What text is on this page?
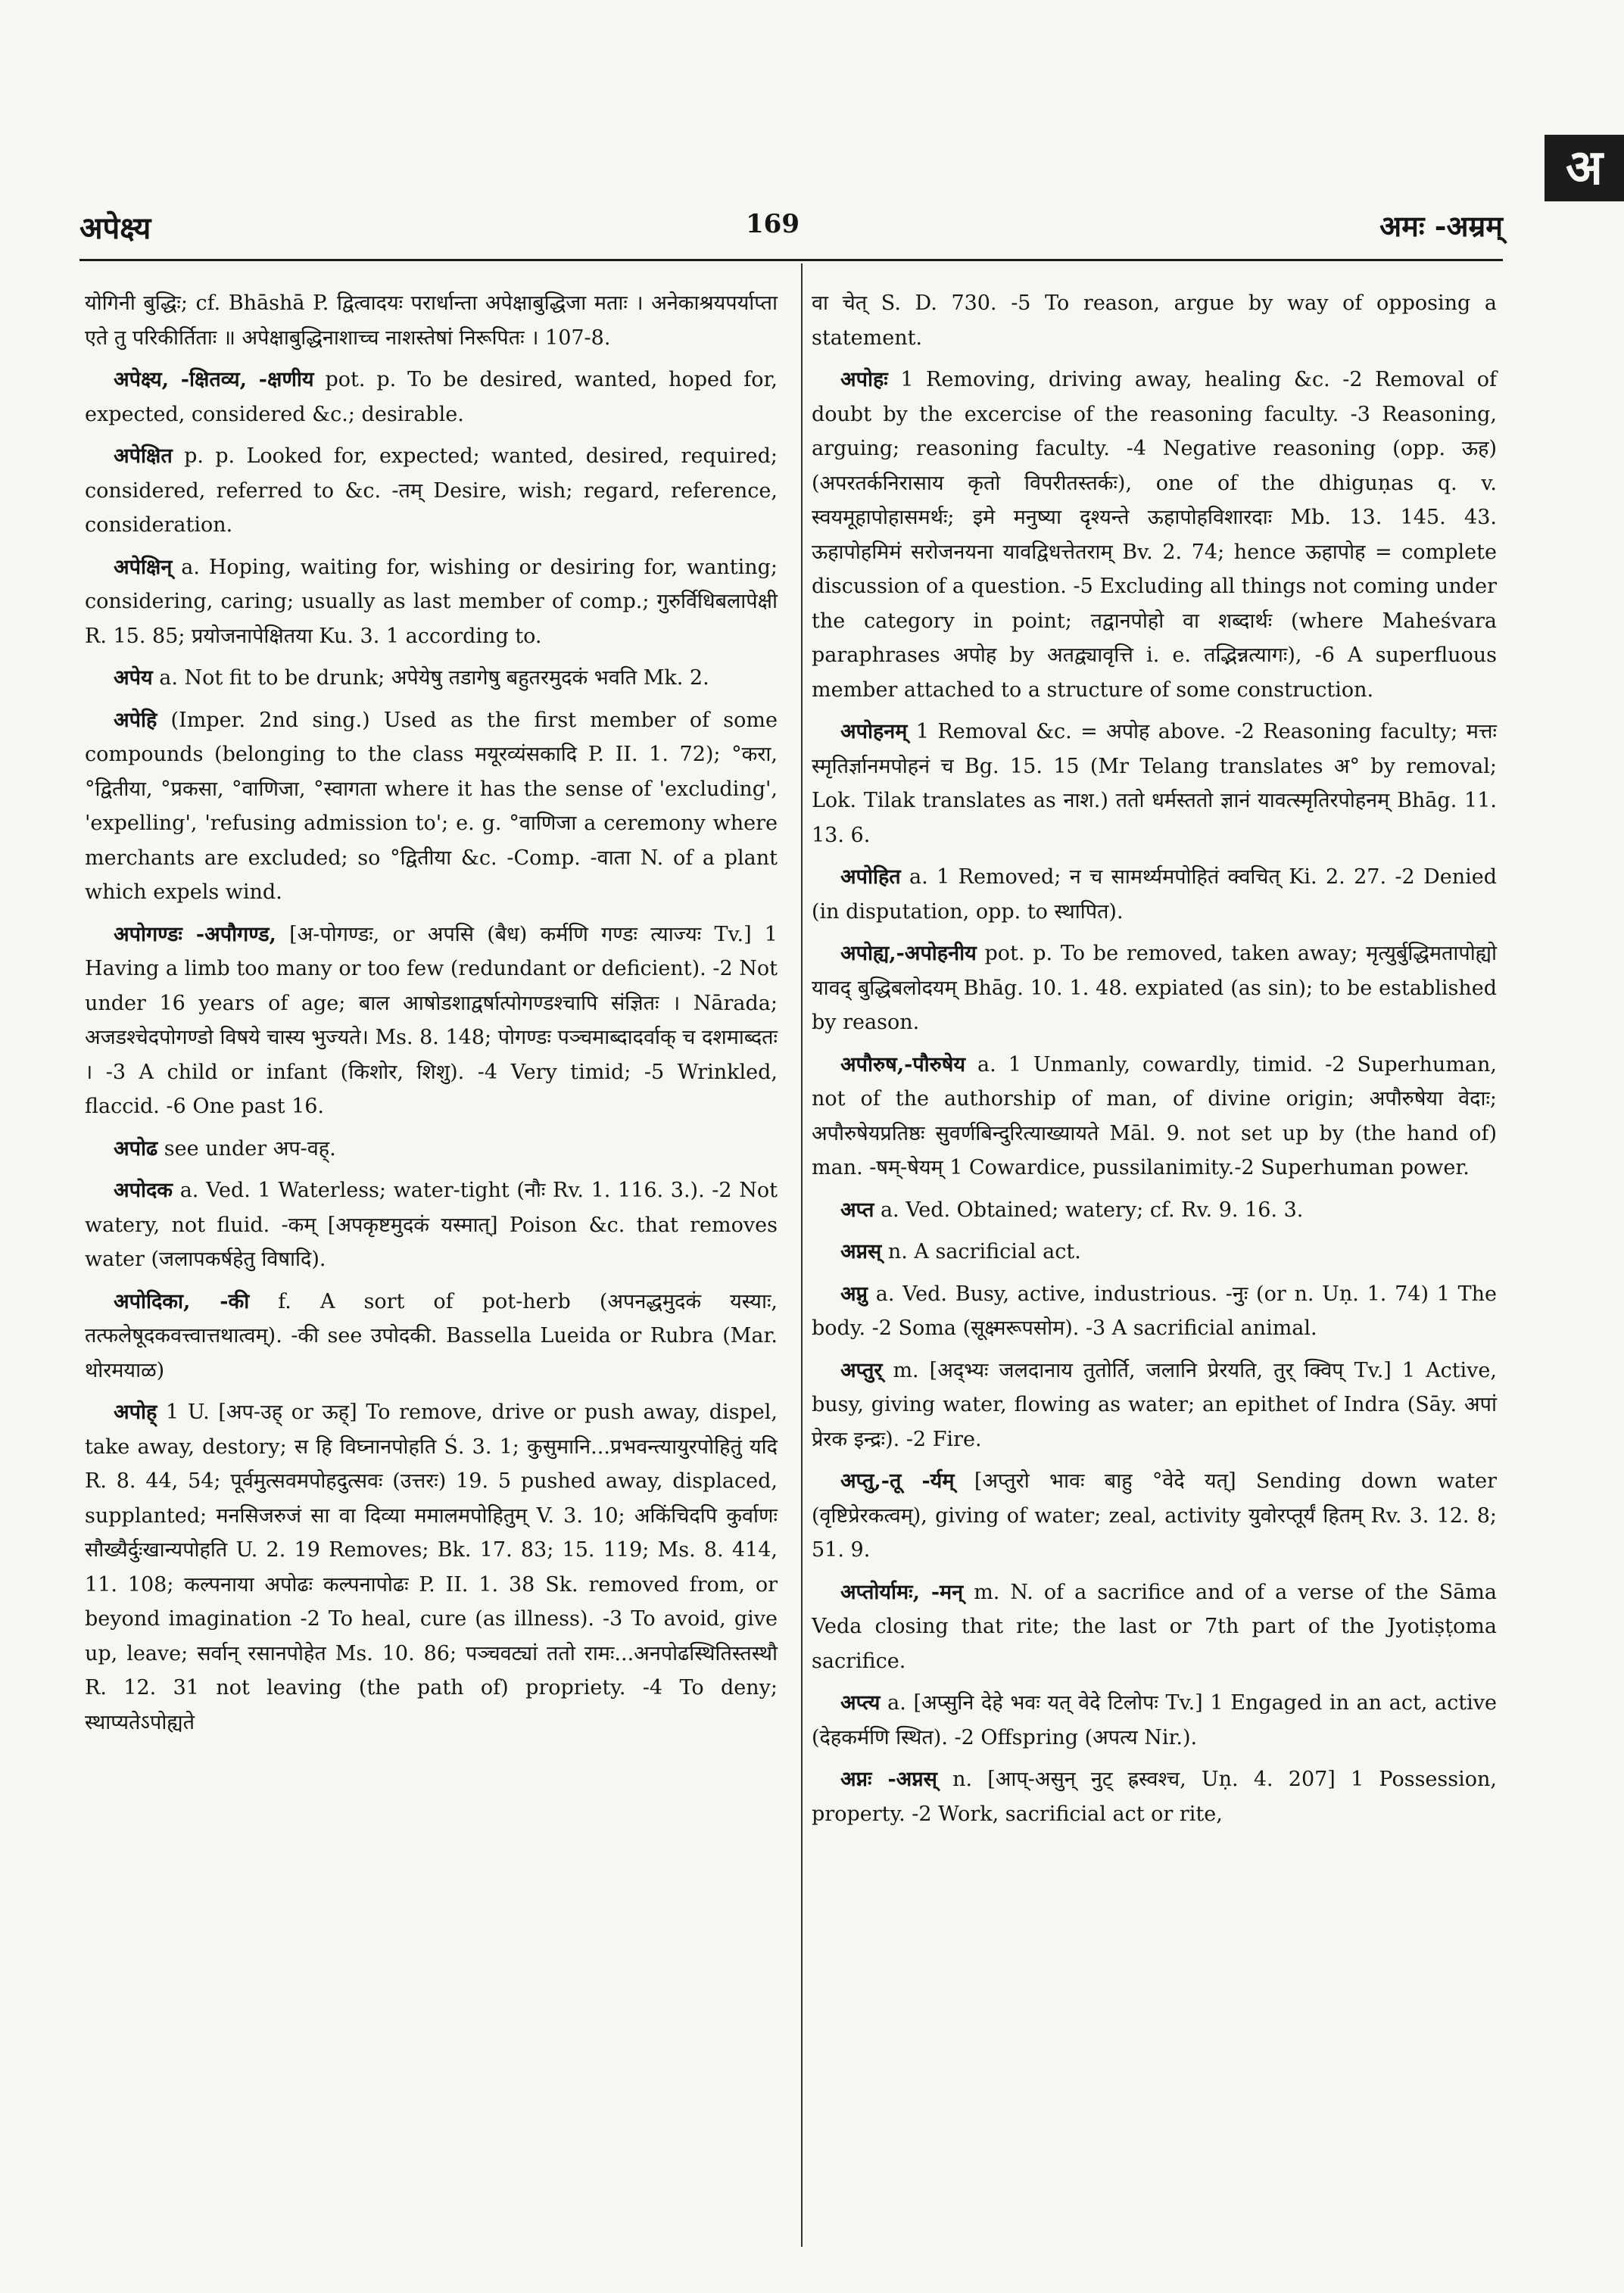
अ
अपेक्ष्य	169	अमः -अम्रम्

योगिनी बुद्धिः; cf. Bhāshā P. द्वित्वादयः परार्धान्ता अपेक्षाबुद्धिजा मताः । अनेकाश्रयपर्याप्ता एते तु परिकीर्तिताः ॥ अपेक्षाबुद्धिनाशाच्च नाशस्तेषां निरूपितः । 107-8.

अपेक्ष्य, -क्षितव्य, -क्षणीय pot. p. To be desired, wanted, hoped for, expected, considered &c.; desirable.

अपेक्षित p. p. Looked for, expected; wanted, desired, required; considered, referred to &c. -तम् Desire, wish; regard, reference, consideration.

अपेक्षिन् a. Hoping, waiting for, wishing or desiring for, wanting; considering, caring; usually as last member of comp.; गुरुर्विधिबलापेक्षी R. 15. 85; प्रयोजनापेक्षितया Ku. 3. 1 according to.

अपेय a. Not fit to be drunk; अपेयेषु तडागेषु बहुतरमुदकं भवति Mk. 2.

अपेहि (Imper. 2nd sing.) Used as the first member of some compounds (belonging to the class मयूरव्यंसकादि P. II. 1. 72); °करा, °द्वितीया, °प्रकसा, °वाणिजा, °स्वागता where it has the sense of 'excluding', 'expelling', 'refusing admission to'; e. g. °वाणिजा a ceremony where merchants are excluded; so °द्वितीया &c. -Comp. -वाता N. of a plant which expels wind.

अपोगण्डः -अपौगण्ड, [अ-पोगण्डः, or अपसि (बैध) कर्मणि गण्डः त्याज्यः Tv.] 1 Having a limb too many or too few (redundant or deficient). -2 Not under 16 years of age; बाल आषोडशाद्वर्षात्पोगण्डश्चापि संज्ञितः । Nārada; अजडश्चेदपोगण्डो विषये चास्य भुज्यते। Ms. 8. 148; पोगण्डः पञ्चमाब्दादर्वाक् च दशमाब्दतः । -3 A child or infant (किशोर, शिशु). -4 Very timid; -5 Wrinkled, flaccid. -6 One past 16.

अपोढ see under अप-वह्.

अपोदक a. Ved. 1 Waterless; water-tight (नौः Rv. 1. 116. 3.). -2 Not watery, not fluid. -कम् [अपकृष्टमुदकं यस्मात्] Poison &c. that removes water (जलापकर्षहेतु विषादि).

अपोदिका, -की f. A sort of pot-herb (अपनद्धमुदकं यस्याः, तत्फलेषूदकवत्त्वात्तथात्वम्). -की see उपोदकी. Bassella Lueida or Rubra (Mar. थोरमयाळ)

अपोह् 1 U. [अप-उह् or ऊह्] To remove, drive or push away, dispel, take away, destory; स हि विघ्नानपोहति Ś. 3. 1; कुसुमानि...प्रभवन्त्यायुरपोहितुं यदि R. 8. 44, 54; पूर्वमुत्सवमपोहदुत्सवः (उत्तरः) 19. 5 pushed away, displaced, supplanted; मनसिजरुजं सा वा दिव्या ममालमपोहितुम् V. 3. 10; अकिंचिदपि कुर्वाणः सौख्यैर्दुःखान्यपोहति U. 2. 19 Removes; Bk. 17. 83; 15. 119; Ms. 8. 414, 11. 108; कल्पनाया अपोढः कल्पनापोढः P. II. 1. 38 Sk. removed from, or beyond imagination -2 To heal, cure (as illness). -3 To avoid, give up, leave; सर्वान् रसानपोहेत Ms. 10. 86; पञ्चवट्यां ततो रामः...अनपोढस्थितिस्तस्थौ R. 12. 31 not leaving (the path of) propriety. -4 To deny; स्थाप्यतेऽपोह्यते

वा चेत् S. D. 730. -5 To reason, argue by way of opposing a statement.

अपोहः 1 Removing, driving away, healing &c. -2 Removal of doubt by the excercise of the reasoning faculty. -3 Reasoning, arguing; reasoning faculty. -4 Negative reasoning (opp. ऊह) (अपरतर्कनिरासाय कृतो विपरीतस्तर्कः), one of the dhiguṇas q. v. स्वयमूहापोहासमर्थः; इमे मनुष्या दृश्यन्ते ऊहापोहविशारदाः Mb. 13. 145. 43. ऊहापोहमिमं सरोजनयना यावद्विधत्तेतराम् Bv. 2. 74; hence ऊहापोह = complete discussion of a question. -5 Excluding all things not coming under the category in point; तद्वानपोहो वा शब्दार्थः (where Maheśvara paraphrases अपोह by अतद्व्यावृत्ति i. e. तद्भिन्नत्यागः), -6 A superfluous member attached to a structure of some construction.

अपोहनम् 1 Removal &c. = अपोह above. -2 Reasoning faculty; मत्तः स्मृतिर्ज्ञानमपोहनं च Bg. 15. 15 (Mr Telang translates अ° by removal; Lok. Tilak translates as नाश.) ततो धर्मस्ततो ज्ञानं यावत्स्मृतिरपोहनम् Bhāg. 11. 13. 6.

अपोहित a. 1 Removed; न च सामर्थ्यमपोहितं क्वचित् Ki. 2. 27. -2 Denied (in disputation, opp. to स्थापित).

अपोह्य,-अपोहनीय pot. p. To be removed, taken away; मृत्युर्बुद्धिमतापोह्यो यावद् बुद्धिबलोदयम् Bhāg. 10. 1. 48. expiated (as sin); to be established by reason.

अपौरुष,-पौरुषेय a. 1 Unmanly, cowardly, timid. -2 Superhuman, not of the authorship of man, of divine origin; अपौरुषेया वेदाः; अपौरुषेयप्रतिष्ठः सुवर्णबिन्दुरित्याख्यायते Māl. 9. not set up by (the hand of) man. -षम्-षेयम् 1 Cowardice, pussilanimity.-2 Superhuman power.

अप्त a. Ved. Obtained; watery; cf. Rv. 9. 16. 3.

अप्नस् n. A sacrificial act.

अप्नु a. Ved. Busy, active, industrious. -नुः (or n. Uṇ. 1. 74) 1 The body. -2 Soma (सूक्ष्मरूपसोम). -3 A sacrificial animal.

अप्तुर् m. [अद्भ्यः जलदानाय तुतोर्ति, जलानि प्रेरयति, तुर् क्विप् Tv.] 1 Active, busy, giving water, flowing as water; an epithet of Indra (Sāy. अपां प्रेरक इन्द्रः). -2 Fire.

अप्तु,-तू -र्यम् [अप्तुरो भावः बाहु °वेदे यत्] Sending down water (वृष्टिप्रेरकत्वम्), giving of water; zeal, activity युवोरप्तूर्यं हितम् Rv. 3. 12. 8; 51. 9.

अप्तोर्यामः, -मन् m. N. of a sacrifice and of a verse of the Sāma Veda closing that rite; the last or 7th part of the Jyotiṣṭoma sacrifice.

अप्त्य a. [अप्सुनि देहे भवः यत् वेदे टिलोपः Tv.] 1 Engaged in an act, active (देहकर्मणि स्थित). -2 Offspring (अपत्य Nir.).

अप्नः -अप्नस् n. [आप्-असुन् नुट् ह्रस्वश्च, Uṇ. 4. 207] 1 Possession, property. -2 Work, sacrificial act or rite,
